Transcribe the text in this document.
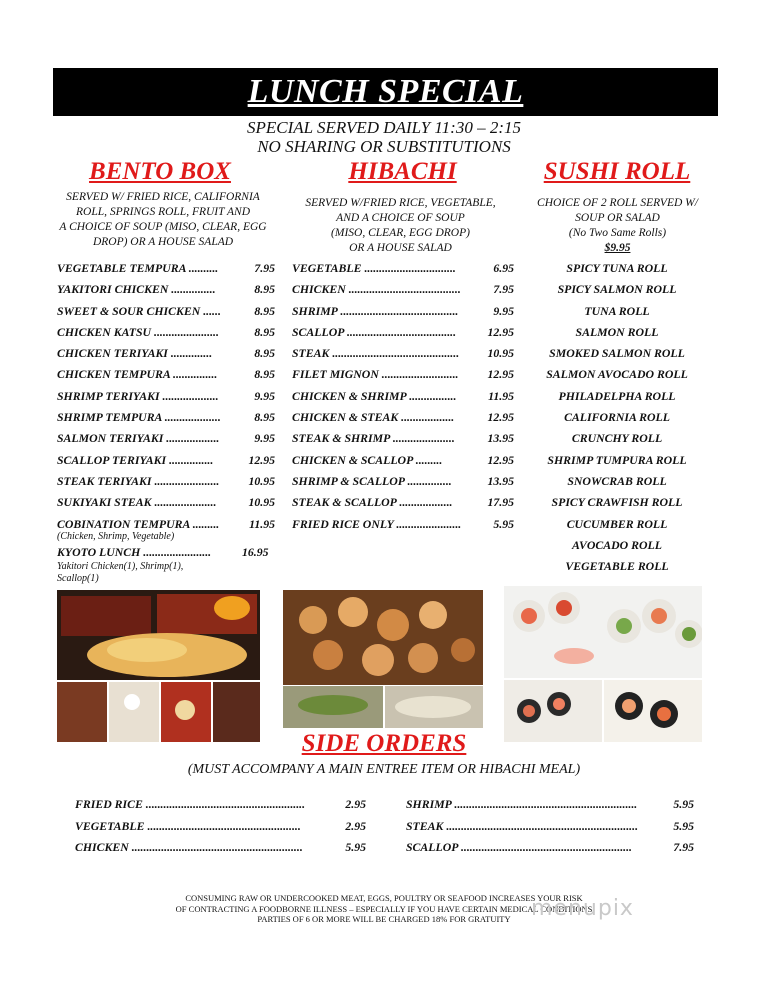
LUNCH SPECIAL
SPECIAL SERVED DAILY 11:30 – 2:15
NO SHARING OR SUBSTITUTIONS
BENTO BOX	HIBACHI	SUSHI ROLL
SERVED W/ FRIED RICE, CALIFORNIA
ROLL, SPRINGS ROLL, FRUIT AND
A CHOICE OF SOUP (MISO, CLEAR, EGG
DROP) OR A HOUSE SALAD
SERVED W/FRIED RICE, VEGETABLE,
AND A CHOICE OF SOUP
(MISO, CLEAR, EGG DROP)
OR A HOUSE SALAD
CHOICE OF 2 ROLL SERVED W/
SOUP OR SALAD
(No Two Same Rolls)
$9.95
VEGETABLE TEMPURA ..........	7.95
YAKITORI CHICKEN ...............	8.95
SWEET & SOUR CHICKEN ......	8.95
CHICKEN KATSU ......................	8.95
CHICKEN TERIYAKI ..............	8.95
CHICKEN TEMPURA ...............	8.95
SHRIMP TERIYAKI ...................	9.95
SHRIMP TEMPURA ...................	8.95
SALMON TERIYAKI ..................	9.95
SCALLOP TERIYAKI ...............	12.95
STEAK TERIYAKI ...................... 10.95
SUKIYAKI STEAK .....................	10.95
COBINATION TEMPURA .........	11.95
(Chicken, Shrimp, Vegetable)
KYOTO LUNCH .......................	16.95
Yakitori Chicken(1), Shrimp(1),
Scallop(1)
VEGETABLE ...............................	6.95
CHICKEN ......................................	7.95
SHRIMP ........................................	9.95
SCALLOP .....................................	12.95
STEAK ........................................... 10.95
FILET MIGNON .......................... 12.95
CHICKEN & SHRIMP ................	11.95
CHICKEN & STEAK ..................	12.95
STEAK & SHRIMP .....................	13.95
CHICKEN & SCALLOP .........	12.95
SHRIMP & SCALLOP ...............	13.95
STEAK & SCALLOP ..................	17.95
FRIED RICE ONLY ......................	5.95
SPICY TUNA ROLL
SPICY SALMON ROLL
TUNA ROLL
SALMON ROLL
SMOKED SALMON ROLL
SALMON AVOCADO ROLL
PHILADELPHA ROLL
CALIFORNIA ROLL
CRUNCHY ROLL
SHRIMP TUMPURA ROLL
SNOWCRAB ROLL
SPICY CRAWFISH ROLL
CUCUMBER ROLL
AVOCADO ROLL
VEGETABLE ROLL
SIDE ORDERS
(MUST ACCOMPANY A MAIN ENTREE ITEM OR HIBACHI MEAL)
FRIED RICE ......................................................	2.95
VEGETABLE ....................................................	2.95
CHICKEN ..........................................................	5.95
SHRIMP ..............................................................	5.95
STEAK .................................................................	5.95
SCALLOP ..........................................................	7.95
CONSUMING RAW OR UNDERCOOKED MEAT, EGGS, POULTRY OR SEAFOOD INCREASES YOUR RISK
OF CONTRACTING A FOODBORNE ILLNESS – ESPECIALLY IF YOU HAVE CERTAIN MEDICAL CONDITIONS
PARTIES OF 6 OR MORE WILL BE CHARGED 18% FOR GRATUITY menupix
